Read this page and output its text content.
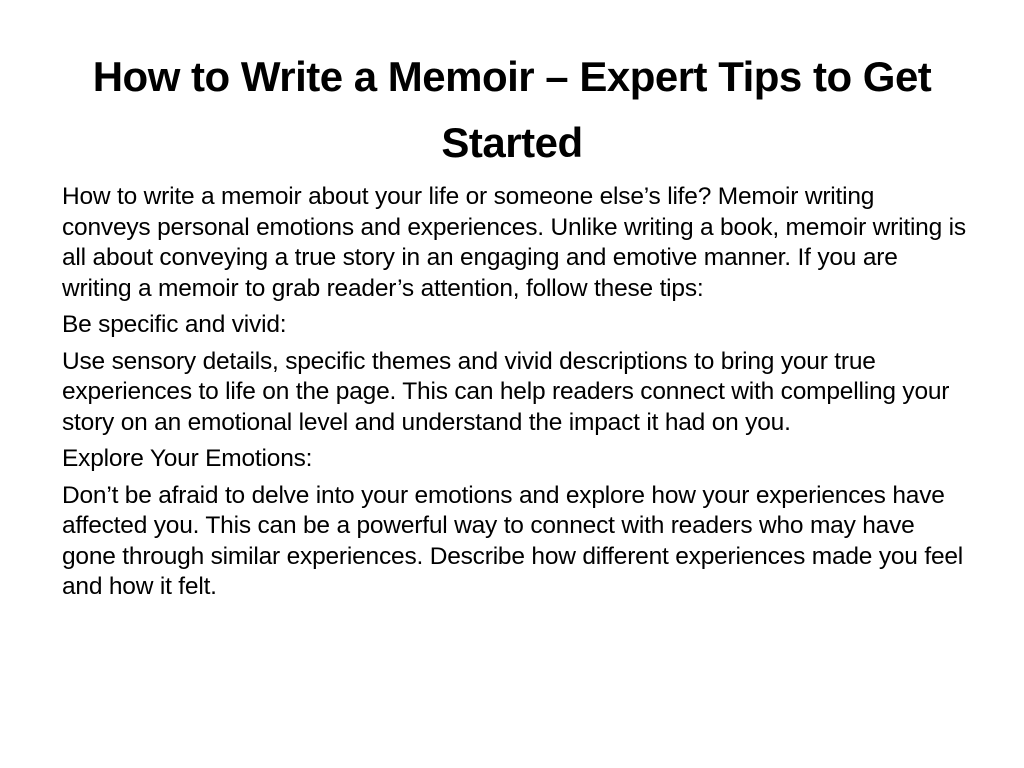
How to Write a Memoir – Expert Tips to Get Started

How to write a memoir about your life or someone else’s life? Memoir writing conveys personal emotions and experiences. Unlike writing a book, memoir writing is all about conveying a true story in an engaging and emotive manner. If you are writing a memoir to grab reader’s attention, follow these tips:

Be specific and vivid:

Use sensory details, specific themes and vivid descriptions to bring your true experiences to life on the page. This can help readers connect with compelling your story on an emotional level and understand the impact it had on you.

Explore Your Emotions:

Don’t be afraid to delve into your emotions and explore how your experiences have affected you. This can be a powerful way to connect with readers who may have gone through similar experiences. Describe how different experiences made you feel and how it felt.
